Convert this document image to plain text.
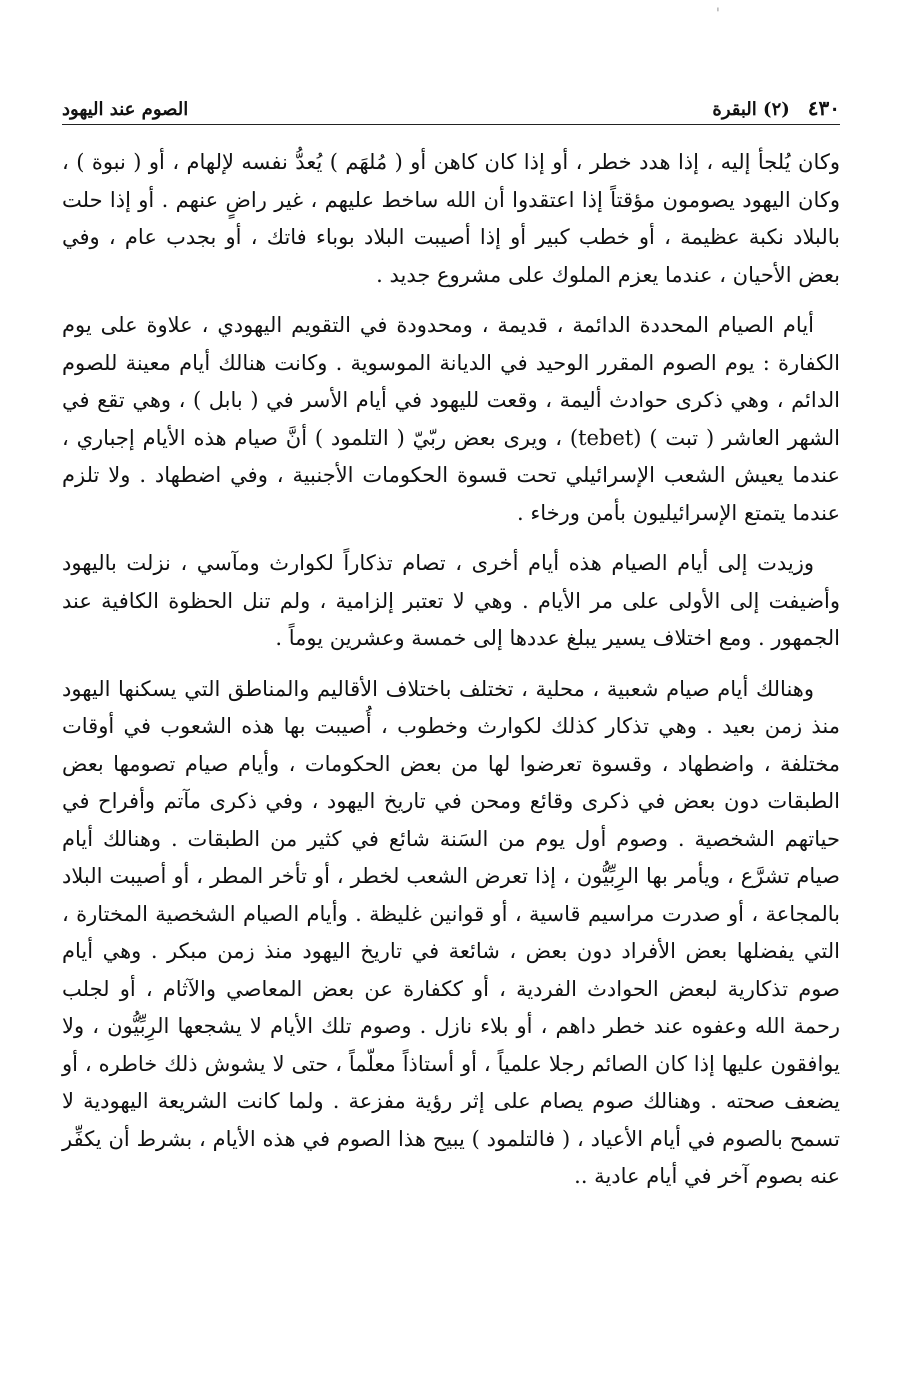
'
٤٣٠
(٢) البقرة
الصوم عند اليهود

وكان يُلجأ إليه ، إذا هدد خطر ، أو إذا كان كاهن أو ( مُلهَم ) يُعدُّ نفسه لإلهام ، أو ( نبوة ) ، وكان اليهود يصومون مؤقتاً إذا اعتقدوا أن الله ساخط عليهم ، غير راضٍ عنهم . أو إذا حلت بالبلاد نكبة عظيمة ، أو خطب كبير أو إذا أصيبت البلاد بوباء فاتك ، أو بجدب عام ، وفي بعض الأحيان ، عندما يعزم الملوك على مشروع جديد .

أيام الصيام المحددة الدائمة ، قديمة ، ومحدودة في التقويم اليهودي ، علاوة على يوم الكفارة : يوم الصوم المقرر الوحيد في الديانة الموسوية . وكانت هنالك أيام معينة للصوم الدائم ، وهي ذكرى حوادث أليمة ، وقعت لليهود في أيام الأسر في ( بابل ) ، وهي تقع في الشهر العاشر ( تبت ) (tebet) ، ويرى بعض ربّيّ ( التلمود ) أنَّ صيام هذه الأيام إجباري ، عندما يعيش الشعب الإسرائيلي تحت قسوة الحكومات الأجنبية ، وفي اضطهاد . ولا تلزم عندما يتمتع الإسرائيليون بأمن ورخاء .

وزيدت إلى أيام الصيام هذه أيام أخرى ، تصام تذكاراً لكوارث ومآسي ، نزلت باليهود وأضيفت إلى الأولى على مر الأيام . وهي لا تعتبر إلزامية ، ولم تنل الحظوة الكافية عند الجمهور . ومع اختلاف يسير يبلغ عددها إلى خمسة وعشرين يوماً .

وهنالك أيام صيام شعبية ، محلية ، تختلف باختلاف الأقاليم والمناطق التي يسكنها اليهود منذ زمن بعيد . وهي تذكار كذلك لكوارث وخطوب ، أُصيبت بها هذه الشعوب في أوقات مختلفة ، واضطهاد ، وقسوة تعرضوا لها من بعض الحكومات ، وأيام صيام تصومها بعض الطبقات دون بعض في ذكرى وقائع ومحن في تاريخ اليهود ، وفي ذكرى مآتم وأفراح في حياتهم الشخصية . وصوم أول يوم من السَنة شائع في كثير من الطبقات . وهنالك أيام صيام تشرَّع ، ويأمر بها الرِبِّيُّون ، إذا تعرض الشعب لخطر ، أو تأخر المطر ، أو أصيبت البلاد بالمجاعة ، أو صدرت مراسيم قاسية ، أو قوانين غليظة . وأيام الصيام الشخصية المختارة ، التي يفضلها بعض الأفراد دون بعض ، شائعة في تاريخ اليهود منذ زمن مبكر . وهي أيام صوم تذكارية لبعض الحوادث الفردية ، أو ككفارة عن بعض المعاصي والآثام ، أو لجلب رحمة الله وعفوه عند خطر داهم ، أو بلاء نازل . وصوم تلك الأيام لا يشجعها الرِبِّيُّون ، ولا يوافقون عليها إذا كان الصائم رجلا علمياً ، أو أستاذاً معلّماً ، حتى لا يشوش ذلك خاطره ، أو يضعف صحته . وهنالك صوم يصام على إثر رؤية مفزعة . ولما كانت الشريعة اليهودية لا تسمح بالصوم في أيام الأعياد ، ( فالتلمود ) يبيح هذا الصوم في هذه الأيام ، بشرط أن يكفِّر عنه بصوم آخر في أيام عادية ..
